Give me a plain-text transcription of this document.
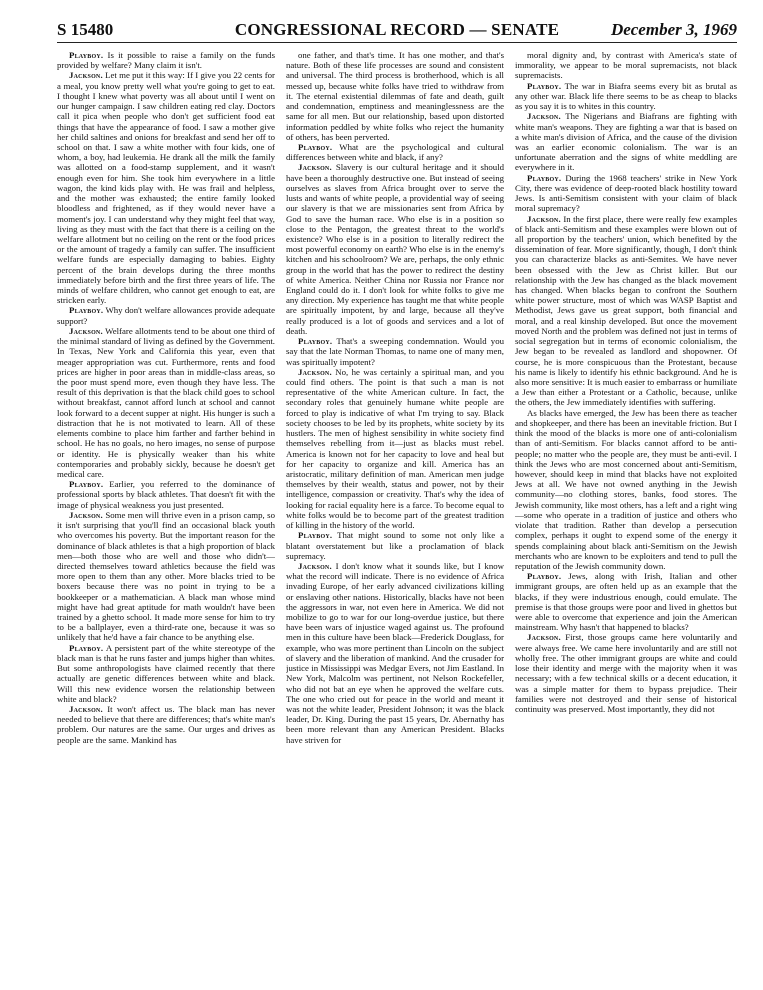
S 15480	CONGRESSIONAL RECORD — SENATE	December 3, 1969

Playboy. Is it possible to raise a family on the funds provided by welfare? Many claim it isn't.

Jackson. Let me put it this way: If I give you 22 cents for a meal, you know pretty well what you're going to get to eat. I thought I knew what poverty was all about until I went on our hunger campaign. I saw children eating red clay. Doctors call it pica when people who don't get sufficient food eat things that have the appearance of food. I saw a mother give her child saltines and onions for breakfast and send her off to school on that. I saw a white mother with four kids, one of whom, a boy, had leukemia. He drank all the milk the family was allotted on a food-stamp supplement, and it wasn't enough even for him. She took him everywhere in a little wagon, the kind kids play with. He was frail and helpless, and the mother was exhausted; the entire family looked bloodless and frightened, as if they would never have a moment's joy. I can understand why they might feel that way, living as they must with the fact that there is a ceiling on the welfare allotment but no ceiling on the rent or the food prices or the amount of tragedy a family can suffer. The insufficient welfare funds are especially damaging to babies. Eighty percent of the brain develops during the three months immediately before birth and the first three years of life. The minds of welfare children, who cannot get enough to eat, are stricken early.

Playboy. Why don't welfare allowances provide adequate support?

Jackson. Welfare allotments tend to be about one third of the minimal standard of living as defined by the Government. In Texas, New York and California this year, even that meager appropriation was cut. Furthermore, rents and food prices are higher in poor areas than in middle-class areas, so the poor must spend more, even though they have less. The result of this deprivation is that the black child goes to school without breakfast, cannot afford lunch at school and cannot look forward to a decent supper at night. His hunger is such a distraction that he is not motivated to learn. All of these elements combine to place him farther and farther behind in school. He has no goals, no hero images, no sense of purpose or identity. He is physically weaker than his white contemporaries and probably sickly, because he doesn't get medical care.

Playboy. Earlier, you referred to the dominance of professional sports by black athletes. That doesn't fit with the image of physical weakness you just presented.

Jackson. Some men will thrive even in a prison camp, so it isn't surprising that you'll find an occasional black youth who overcomes his poverty. But the important reason for the dominance of black athletes is that a high proportion of black men—both those who are well and those who didn't—directed themselves toward athletics because the field was more open to them than any other. More blacks tried to be boxers because there was no point in trying to be a bookkeeper or a mathematician. A black man whose mind might have had great aptitude for math wouldn't have been trained by a ghetto school. It made more sense for him to try to be a ballplayer, even a third-rate one, because it was so unlikely that he'd have a fair chance to be anything else.

Playboy. A persistent part of the white stereotype of the black man is that he runs faster and jumps higher than whites. But some anthropologists have claimed recently that there actually are genetic differences between white and black. Will this new evidence worsen the relationship between white and black?

Jackson. It won't affect us. The black man has never needed to believe that there are differences; that's white man's problem. Our natures are the same. Our urges and drives as people are the same. Mankind has

one father, and that's time. It has one mother, and that's nature. Both of these life processes are sound and consistent and universal. The third process is brotherhood, which is all messed up, because white folks have tried to withdraw from it. The eternal existential dilemmas of fate and death, guilt and condemnation, emptiness and meaninglessness are the same for all men. But our relationship, based upon distorted information peddled by white folks who reject the humanity of others, has been perverted.

Playboy. What are the psychological and cultural differences between white and black, if any?

Jackson. Slavery is our cultural heritage and it should have been a thoroughly destructive one. But instead of seeing ourselves as slaves from Africa brought over to serve the lusts and wants of white people, a providential way of seeing our slavery is that we are missionaries sent from Africa by God to save the human race. Who else is in a position so close to the Pentagon, the greatest threat to the world's existence? Who else is in a position to literally redirect the most powerful economy on earth? Who else is in the enemy's kitchen and his schoolroom? We are, perhaps, the only ethnic group in the world that has the power to redirect the destiny of white America. Neither China nor Russia nor France nor England could do it. I don't look for white folks to give me any direction. My experience has taught me that white people are spiritually impotent, by and large, because all they've really produced is a lot of goods and services and a lot of death.

Playboy. That's a sweeping condemnation. Would you say that the late Norman Thomas, to name one of many men, was spiritually impotent?

Jackson. No, he was certainly a spiritual man, and you could find others. The point is that such a man is not representative of the white American culture. In fact, the secondary roles that genuinely humane white people are forced to play is indicative of what I'm trying to say. Black society chooses to be led by its prophets, white society by its hustlers. The men of highest sensibility in white society find themselves rebelling from it—just as blacks must rebel. America is known not for her capacity to love and heal but for her capacity to organize and kill. America has an aristocratic, military definition of man. American men judge themselves by their wealth, status and power, not by their intelligence, compassion or creativity. That's why the idea of looking for racial equality here is a farce. To become equal to white folks would be to become part of the greatest tradition of killing in the history of the world.

Playboy. That might sound to some not only like a blatant overstatement but like a proclamation of black supremacy.

Jackson. I don't know what it sounds like, but I know what the record will indicate. There is no evidence of Africa invading Europe, of her early advanced civilizations killing or enslaving other nations. Historically, blacks have not been the aggressors in war, not even here in America. We did not mobilize to go to war for our long-overdue justice, but there have been wars of injustice waged against us. The profound men in this culture have been black—Frederick Douglass, for example, who was more pertinent than Lincoln on the subject of slavery and the liberation of mankind. And the crusader for justice in Mississippi was Medgar Evers, not Jim Eastland. In New York, Malcolm was pertinent, not Nelson Rockefeller, who did not bat an eye when he approved the welfare cuts. The one who cried out for peace in the world and meant it was not the white leader, President Johnson; it was the black leader, Dr. King. During the past 15 years, Dr. Abernathy has been more relevant than any American President. Blacks have striven for

moral dignity and, by contrast with America's state of immorality, we appear to be moral supremacists, not black supremacists.

Playboy. The war in Biafra seems every bit as brutal as any other war. Black life there seems to be as cheap to blacks as you say it is to whites in this country.

Jackson. The Nigerians and Biafrans are fighting with white man's weapons. They are fighting a war that is based on a white man's division of Africa, and the cause of the division was an earlier economic colonialism. The war is an unfortunate aberration and the signs of white meddling are everywhere in it.

Playboy. During the 1968 teachers' strike in New York City, there was evidence of deep-rooted black hostility toward Jews. Is anti-Semitism consistent with your claim of black moral supremacy?

Jackson. In the first place, there were really few examples of black anti-Semitism and these examples were blown out of all proportion by the teachers' union, which benefited by the dissemination of fear. More significantly, though, I don't think you can characterize blacks as anti-Semites. We have never been obsessed with the Jew as Christ killer. But our relationship with the Jew has changed as the black movement has changed. When blacks began to confront the Southern white power structure, most of which was WASP Baptist and Methodist, Jews gave us great support, both financial and moral, and a real kinship developed. But once the movement moved North and the problem was defined not just in terms of social segregation but in terms of economic colonialism, the Jew began to be revealed as landlord and shopowner. Of course, he is more conspicuous than the Protestant, because his name is likely to identify his ethnic background. And he is also more sensitive: It is much easier to embarrass or humiliate a Jew than either a Protestant or a Catholic, because, unlike the others, the Jew immediately identifies with suffering.

As blacks have emerged, the Jew has been there as teacher and shopkeeper, and there has been an inevitable friction. But I think the mood of the blacks is more one of anti-colonialism than of anti-Semitism. For blacks cannot afford to be anti-people; no matter who the people are, they must be anti-evil. I think the Jews who are most concerned about anti-Semitism, however, should keep in mind that blacks have not exploited Jews at all. We have not owned anything in the Jewish community—no clothing stores, banks, food stores. The Jewish community, like most others, has a left and a right wing—some who operate in a tradition of justice and others who violate that tradition. Rather than develop a persecution complex, perhaps it ought to expend some of the energy it spends complaining about black anti-Semitism on the Jewish merchants who are known to be exploiters and tend to pull the reputation of the Jewish community down.

Playboy. Jews, along with Irish, Italian and other immigrant groups, are often held up as an example that the blacks, if they were industrious enough, could emulate. The premise is that those groups were poor and lived in ghettos but were able to overcome that experience and join the American mainstream. Why hasn't that happened to blacks?

Jackson. First, those groups came here voluntarily and were always free. We came here involuntarily and are still not wholly free. The other immigrant groups are white and could lose their identity and merge with the majority when it was necessary; with a few technical skills or a decent education, it was a simple matter for them to bypass prejudice. Their families were not destroyed and their sense of historical continuity was preserved. Most importantly, they did not
